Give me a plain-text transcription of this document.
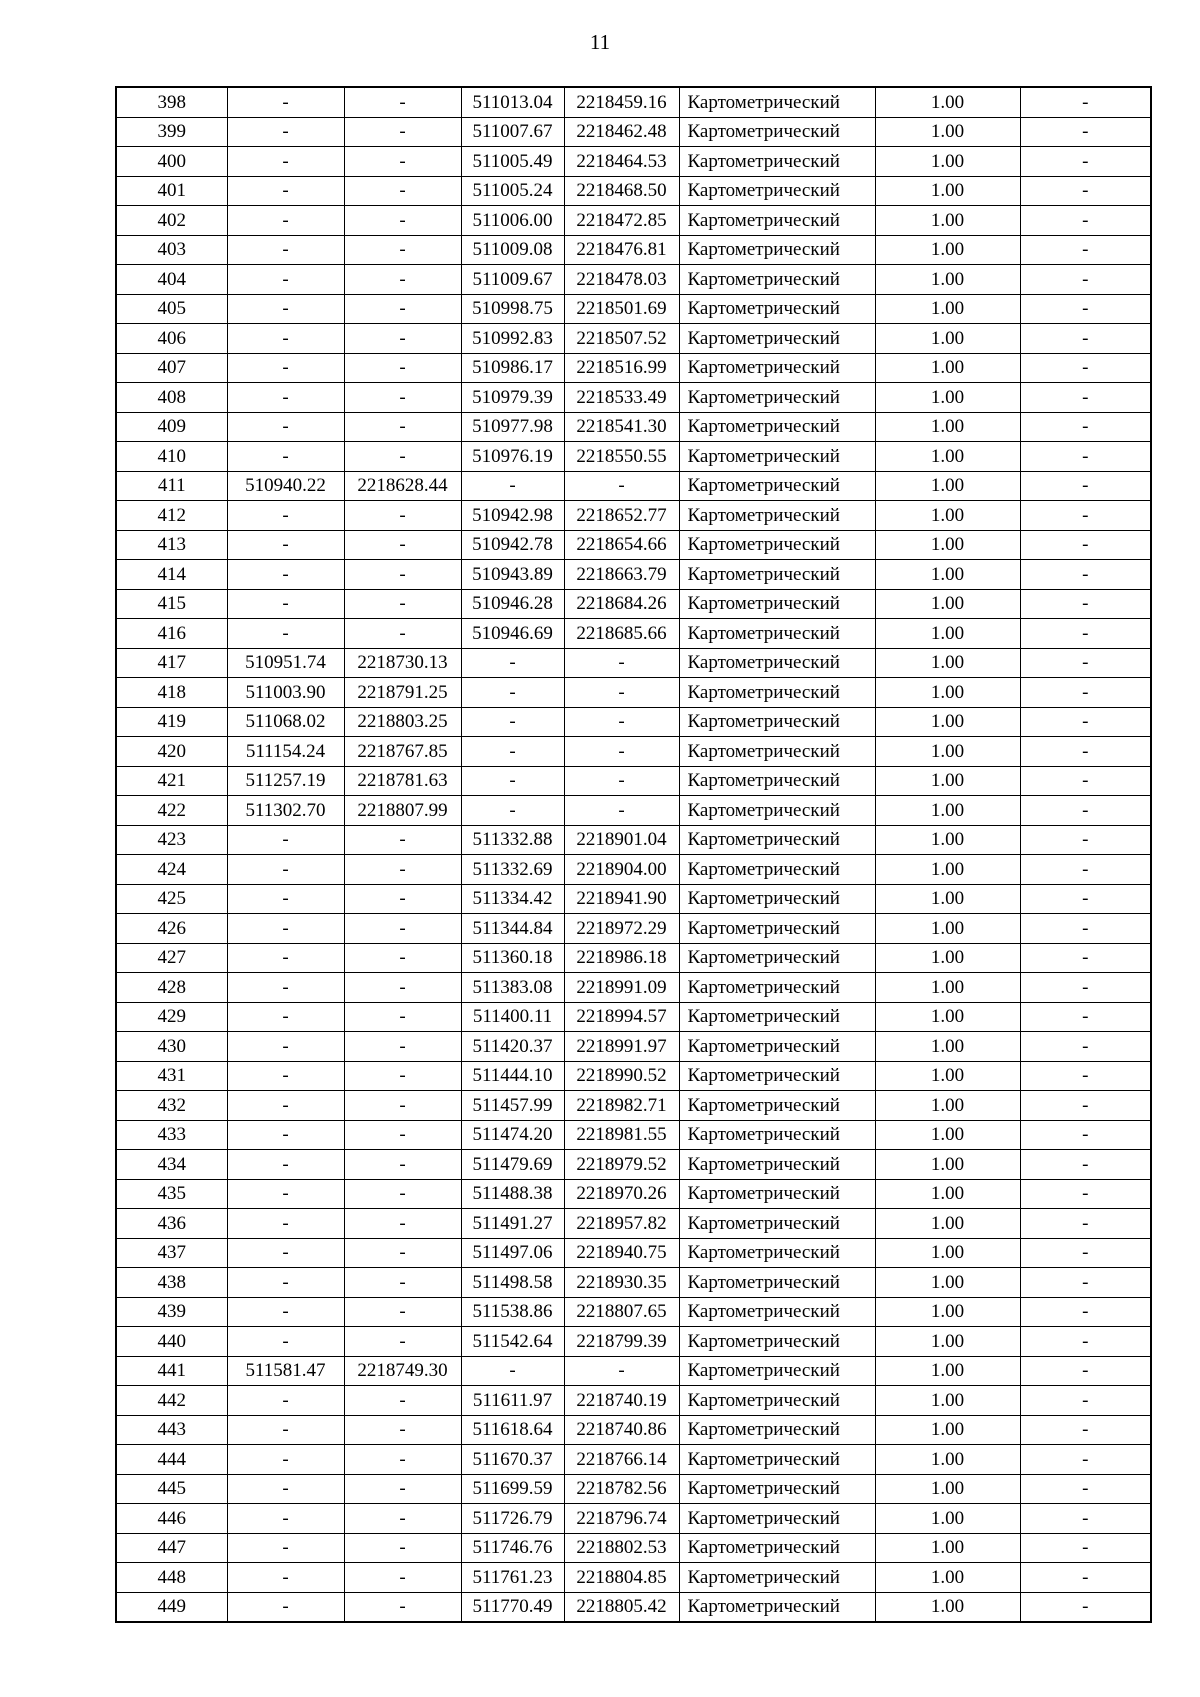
11
398	-	-	511013.04	2218459.16	Картометрический	1.00	-
399	-	-	511007.67	2218462.48	Картометрический	1.00	-
400	-	-	511005.49	2218464.53	Картометрический	1.00	-
401	-	-	511005.24	2218468.50	Картометрический	1.00	-
402	-	-	511006.00	2218472.85	Картометрический	1.00	-
403	-	-	511009.08	2218476.81	Картометрический	1.00	-
404	-	-	511009.67	2218478.03	Картометрический	1.00	-
405	-	-	510998.75	2218501.69	Картометрический	1.00	-
406	-	-	510992.83	2218507.52	Картометрический	1.00	-
407	-	-	510986.17	2218516.99	Картометрический	1.00	-
408	-	-	510979.39	2218533.49	Картометрический	1.00	-
409	-	-	510977.98	2218541.30	Картометрический	1.00	-
410	-	-	510976.19	2218550.55	Картометрический	1.00	-
411	510940.22	2218628.44	-	-	Картометрический	1.00	-
412	-	-	510942.98	2218652.77	Картометрический	1.00	-
413	-	-	510942.78	2218654.66	Картометрический	1.00	-
414	-	-	510943.89	2218663.79	Картометрический	1.00	-
415	-	-	510946.28	2218684.26	Картометрический	1.00	-
416	-	-	510946.69	2218685.66	Картометрический	1.00	-
417	510951.74	2218730.13	-	-	Картометрический	1.00	-
418	511003.90	2218791.25	-	-	Картометрический	1.00	-
419	511068.02	2218803.25	-	-	Картометрический	1.00	-
420	511154.24	2218767.85	-	-	Картометрический	1.00	-
421	511257.19	2218781.63	-	-	Картометрический	1.00	-
422	511302.70	2218807.99	-	-	Картометрический	1.00	-
423	-	-	511332.88	2218901.04	Картометрический	1.00	-
424	-	-	511332.69	2218904.00	Картометрический	1.00	-
425	-	-	511334.42	2218941.90	Картометрический	1.00	-
426	-	-	511344.84	2218972.29	Картометрический	1.00	-
427	-	-	511360.18	2218986.18	Картометрический	1.00	-
428	-	-	511383.08	2218991.09	Картометрический	1.00	-
429	-	-	511400.11	2218994.57	Картометрический	1.00	-
430	-	-	511420.37	2218991.97	Картометрический	1.00	-
431	-	-	511444.10	2218990.52	Картометрический	1.00	-
432	-	-	511457.99	2218982.71	Картометрический	1.00	-
433	-	-	511474.20	2218981.55	Картометрический	1.00	-
434	-	-	511479.69	2218979.52	Картометрический	1.00	-
435	-	-	511488.38	2218970.26	Картометрический	1.00	-
436	-	-	511491.27	2218957.82	Картометрический	1.00	-
437	-	-	511497.06	2218940.75	Картометрический	1.00	-
438	-	-	511498.58	2218930.35	Картометрический	1.00	-
439	-	-	511538.86	2218807.65	Картометрический	1.00	-
440	-	-	511542.64	2218799.39	Картометрический	1.00	-
441	511581.47	2218749.30	-	-	Картометрический	1.00	-
442	-	-	511611.97	2218740.19	Картометрический	1.00	-
443	-	-	511618.64	2218740.86	Картометрический	1.00	-
444	-	-	511670.37	2218766.14	Картометрический	1.00	-
445	-	-	511699.59	2218782.56	Картометрический	1.00	-
446	-	-	511726.79	2218796.74	Картометрический	1.00	-
447	-	-	511746.76	2218802.53	Картометрический	1.00	-
448	-	-	511761.23	2218804.85	Картометрический	1.00	-
449	-	-	511770.49	2218805.42	Картометрический	1.00	-
